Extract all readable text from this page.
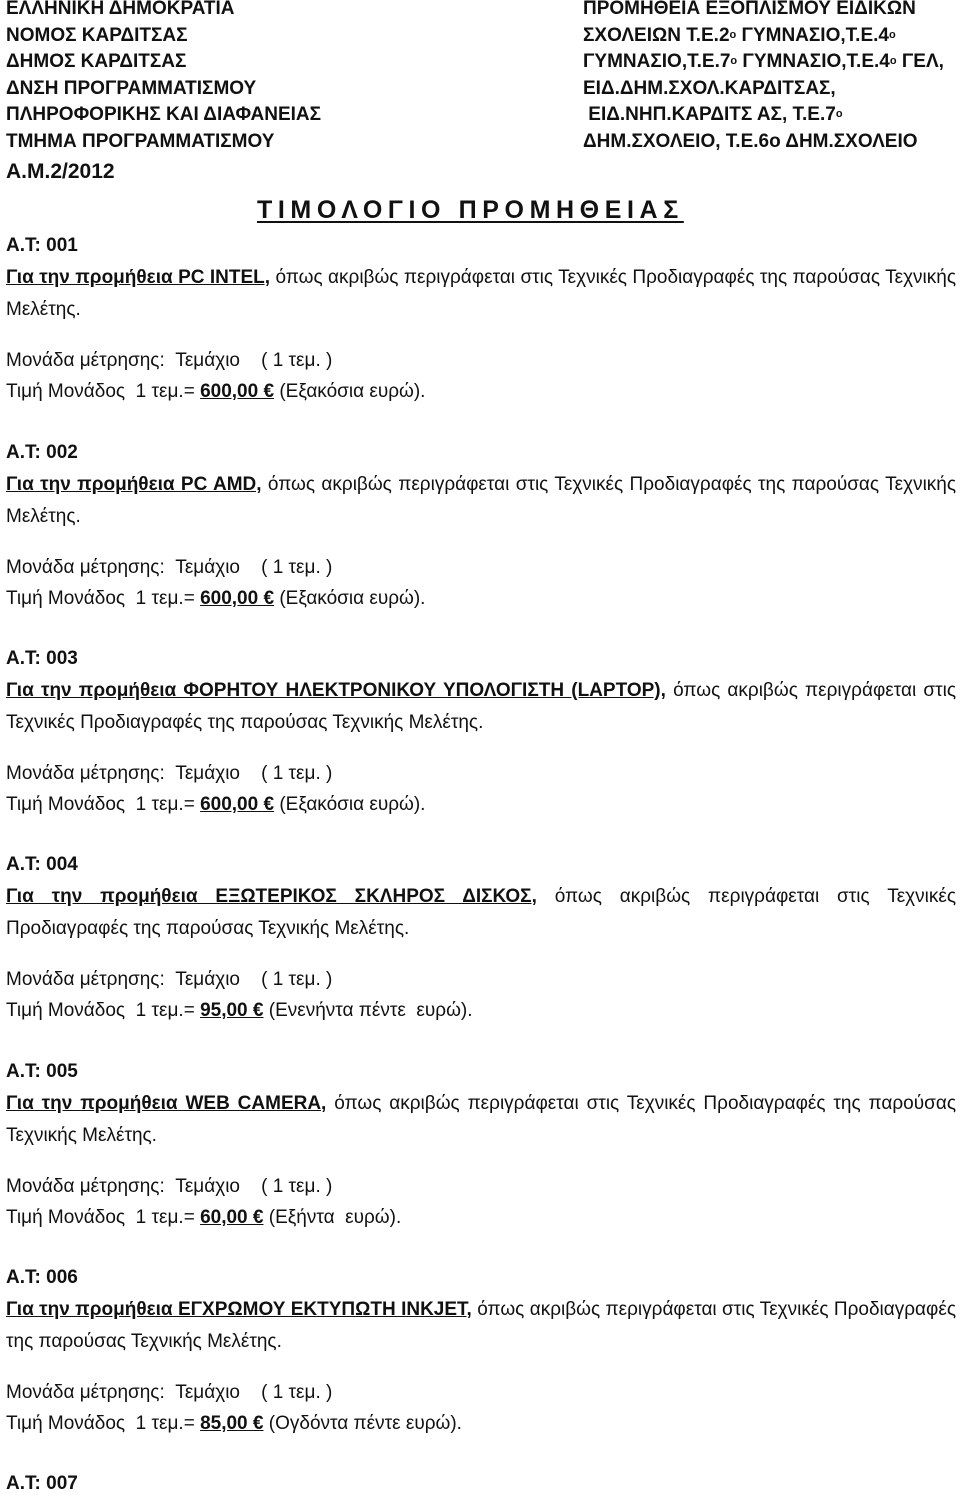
ΕΛΛΗΝΙΚΗ ΔΗΜΟΚΡΑΤΙΑ
ΝΟΜΟΣ ΚΑΡΔΙΤΣΑΣ
ΔΗΜΟΣ ΚΑΡΔΙΤΣΑΣ
ΔΝΣΗ ΠΡΟΓΡΑΜΜΑΤΙΣΜΟΥ
ΠΛΗΡΟΦΟΡΙΚΗΣ ΚΑΙ ΔΙΑΦΑΝΕΙΑΣ
ΤΜΗΜΑ ΠΡΟΓΡΑΜΜΑΤΙΣΜΟΥ
ΠΡΟΜΗΘΕΙΑ ΕΞΟΠΛΙΣΜΟΥ ΕΙΔΙΚΩΝ
ΣΧΟΛΕΙΩΝ $T.E.2^o$ $\Gamma\Upsilon MNA\Sigma IO,T.E.4^o$
$\Gamma\Upsilon MNA\Sigma IO,T.E.7^o$ $\Gamma\Upsilon MNA\Sigma IO,T.E.4^o$ ΓΕΛ,
ΕΙΔ.ΔΗΜ.ΣΧΟΛ.ΚΑΡΔΙΤΣΑΣ,
ΕΙΔ.ΝΗΠ.ΚΑΡΔΙΤΣ ΑΣ, $T.E.7^o$
ΔΗΜ.ΣΧΟΛΕΙΟ, Τ.Ε.6ο ΔΗΜ.ΣΧΟΛΕΙΟ
Α.Μ.2/2012
ΤΙΜΟΛΟΓΙΟ ΠΡΟΜΗΘΕΙΑΣ
Α.Τ: 001

Για την προμήθεια PC INTEL, όπως ακριβώς περιγράφεται στις Τεχνικές Προδιαγραφές της παρούσας Τεχνικής Μελέτης.

Μονάδα μέτρησης:  Τεμάχιο    ( 1 τεμ. )
Τιμή Μονάδος  1 τεμ.= 600,00 € (Εξακόσια ευρώ).
Α.Τ: 002

Για την προμήθεια PC AMD, όπως ακριβώς περιγράφεται στις Τεχνικές Προδιαγραφές της παρούσας Τεχνικής Μελέτης.

Μονάδα μέτρησης:  Τεμάχιο    ( 1 τεμ. )
Τιμή Μονάδος  1 τεμ.= 600,00 € (Εξακόσια ευρώ).
Α.Τ: 003

Για την προμήθεια ΦΟΡΗΤΟΥ ΗΛΕΚΤΡΟΝΙΚΟΥ ΥΠΟΛΟΓΙΣΤΗ (LAPTOP), όπως ακριβώς περιγράφεται στις Τεχνικές Προδιαγραφές της παρούσας Τεχνικής Μελέτης.

Μονάδα μέτρησης:  Τεμάχιο    ( 1 τεμ. )
Τιμή Μονάδος  1 τεμ.= 600,00 € (Εξακόσια ευρώ).
Α.Τ: 004

Για την προμήθεια ΕΞΩΤΕΡΙΚΟΣ ΣΚΛΗΡΟΣ ΔΙΣΚΟΣ, όπως ακριβώς περιγράφεται στις Τεχνικές Προδιαγραφές της παρούσας Τεχνικής Μελέτης.

Μονάδα μέτρησης:  Τεμάχιο    ( 1 τεμ. )
Τιμή Μονάδος  1 τεμ.= 95,00 € (Ενενήντα πέντε  ευρώ).
Α.Τ: 005

Για την προμήθεια WEB CAMERA, όπως ακριβώς περιγράφεται στις Τεχνικές Προδιαγραφές της παρούσας Τεχνικής Μελέτης.

Μονάδα μέτρησης:  Τεμάχιο    ( 1 τεμ. )
Τιμή Μονάδος  1 τεμ.= 60,00 € (Εξήντα  ευρώ).
Α.Τ: 006

Για την προμήθεια ΕΓΧΡΩΜΟΥ ΕΚΤΥΠΩΤΗ INKJET, όπως ακριβώς περιγράφεται στις Τεχνικές Προδιαγραφές της παρούσας Τεχνικής Μελέτης.

Μονάδα μέτρησης:  Τεμάχιο    ( 1 τεμ. )
Τιμή Μονάδος  1 τεμ.= 85,00 € (Ογδόντα πέντε ευρώ).
Α.Τ: 007
